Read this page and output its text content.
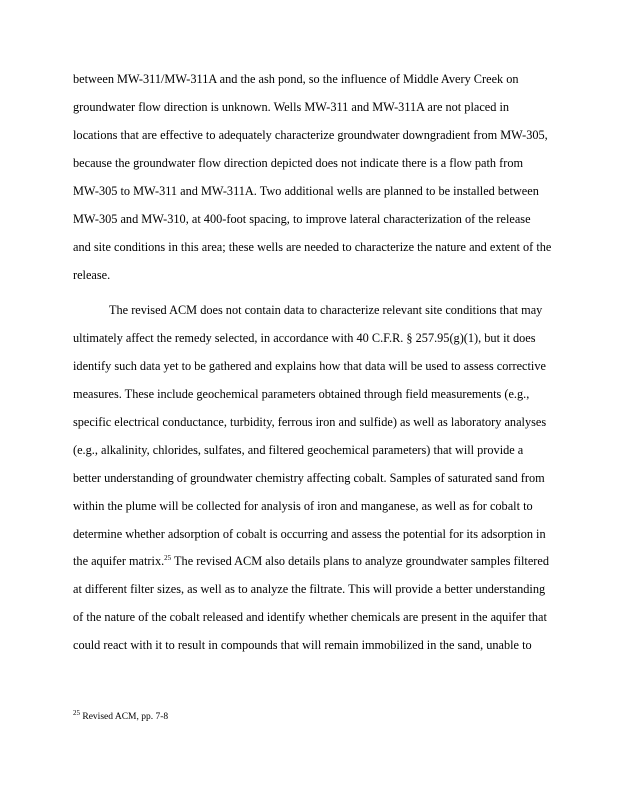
between MW-311/MW-311A and the ash pond, so the influence of Middle Avery Creek on
groundwater flow direction is unknown. Wells MW-311 and MW-311A are not placed in
locations that are effective to adequately characterize groundwater downgradient from MW-305,
because the groundwater flow direction depicted does not indicate there is a flow path from
MW-305 to MW-311 and MW-311A. Two additional wells are planned to be installed between
MW-305 and MW-310, at 400-foot spacing, to improve lateral characterization of the release
and site conditions in this area; these wells are needed to characterize the nature and extent of the
release.
The revised ACM does not contain data to characterize relevant site conditions that may
ultimately affect the remedy selected, in accordance with 40 C.F.R. § 257.95(g)(1), but it does
identify such data yet to be gathered and explains how that data will be used to assess corrective
measures. These include geochemical parameters obtained through field measurements (e.g.,
specific electrical conductance, turbidity, ferrous iron and sulfide) as well as laboratory analyses
(e.g., alkalinity, chlorides, sulfates, and filtered geochemical parameters) that will provide a
better understanding of groundwater chemistry affecting cobalt. Samples of saturated sand from
within the plume will be collected for analysis of iron and manganese, as well as for cobalt to
determine whether adsorption of cobalt is occurring and assess the potential for its adsorption in
the aquifer matrix.$^{25}$ The revised ACM also details plans to analyze groundwater samples filtered
at different filter sizes, as well as to analyze the filtrate. This will provide a better understanding
of the nature of the cobalt released and identify whether chemicals are present in the aquifer that
could react with it to result in compounds that will remain immobilized in the sand, unable to
$^{25}$ Revised ACM, pp. 7-8
